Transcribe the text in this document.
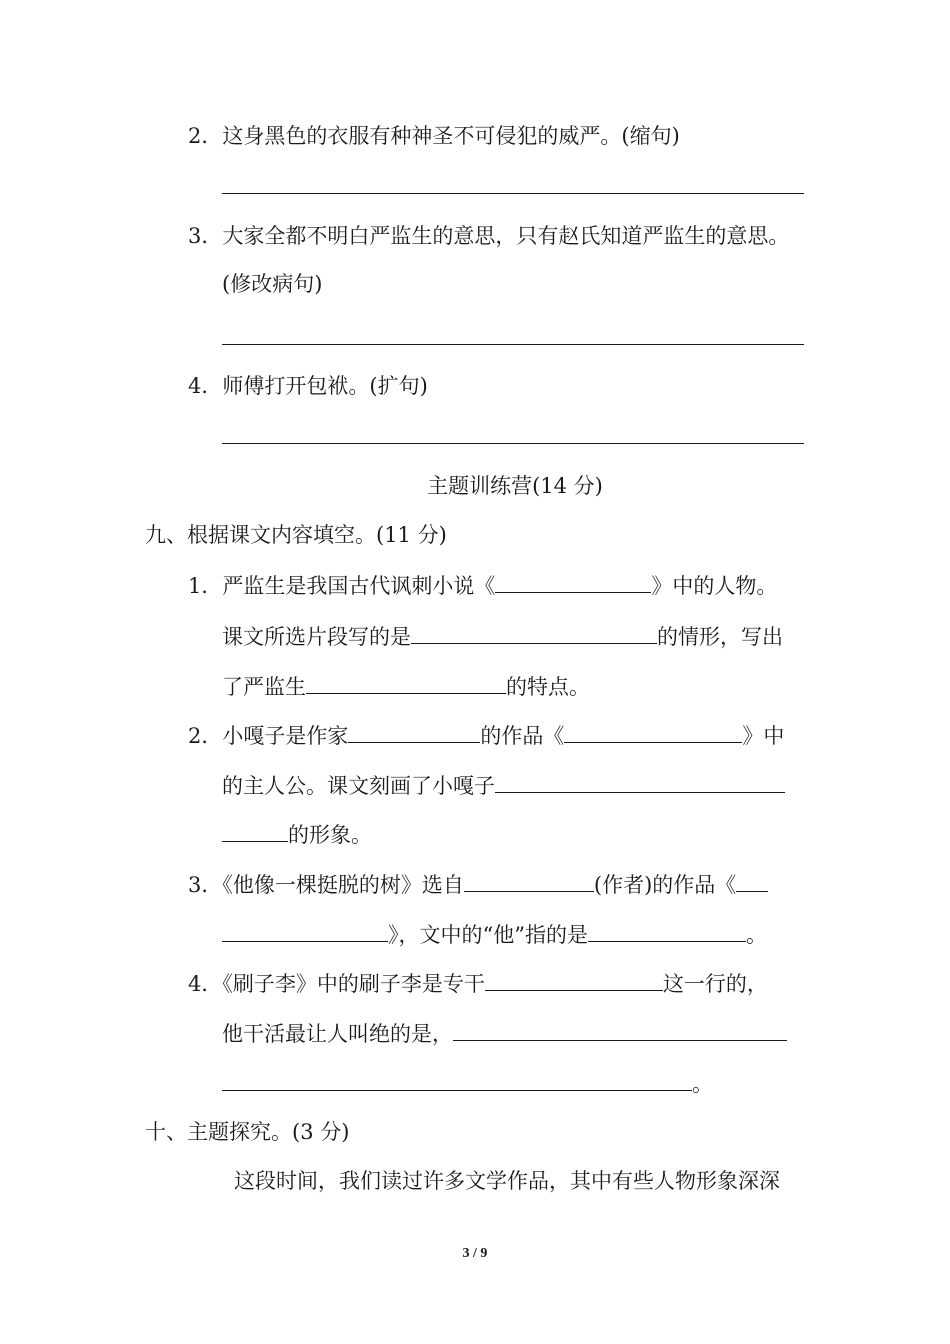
2．这身黑色的衣服有种神圣不可侵犯的威严。(缩句)
3．大家全都不明白严监生的意思，只有赵氏知道严监生的意思。
(修改病句)
4．师傅打开包袱。(扩句)
主题训练营(14 分)
九、根据课文内容填空。(11 分)
1．严监生是我国古代讽刺小说《	》中的人物。
课文所选片段写的是	的情形，写出
了严监生	的特点。
2．小嘎子是作家	的作品《	》中
的主人公。课文刻画了小嘎子
的形象。
3．《他像一棵挺脱的树》选自	(作者)的作品《
》，文中的“他”指的是	。
4．《刷子李》中的刷子李是专干	这一行的，
他干活最让人叫绝的是，
。
十、主题探究。(3 分)
这段时间，我们读过许多文学作品，其中有些人物形象深深
3 / 9
